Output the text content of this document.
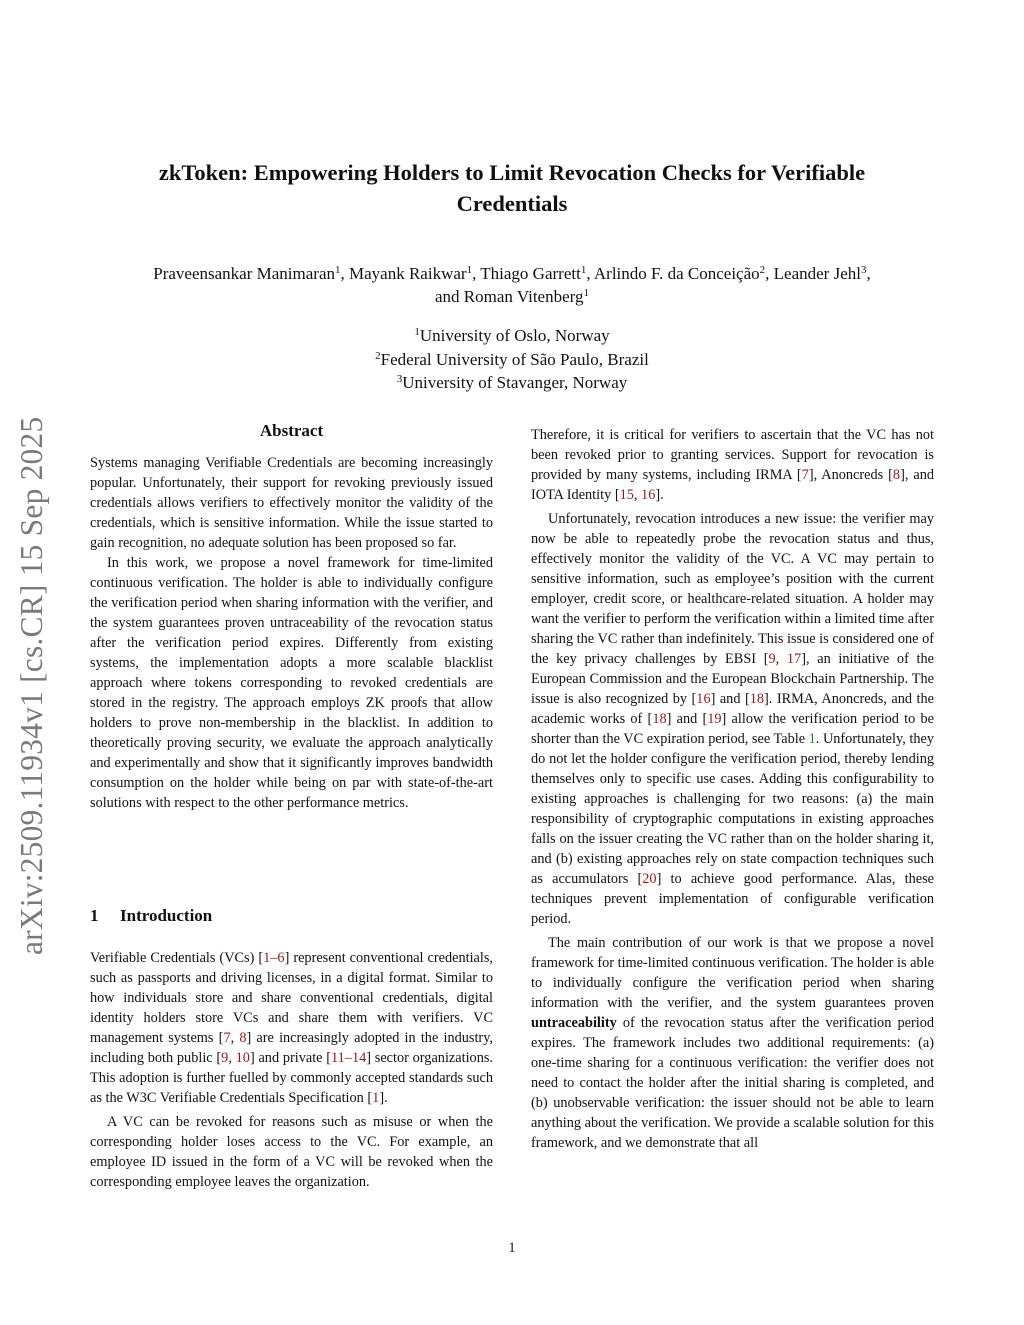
arXiv:2509.11934v1 [cs.CR] 15 Sep 2025
zkToken: Empowering Holders to Limit Revocation Checks for Verifiable Credentials
Praveensankar Manimaran$^1$, Mayank Raikwar$^1$, Thiago Garrett$^1$, Arlindo F. da Conceição$^2$, Leander Jehl$^3$,
and Roman Vitenberg$^1$
$^1$University of Oslo, Norway
$^2$Federal University of São Paulo, Brazil
$^3$University of Stavanger, Norway
Abstract

Systems managing Verifiable Credentials are becoming increasingly popular. Unfortunately, their support for revoking previously issued credentials allows verifiers to effectively monitor the validity of the credentials, which is sensitive information. While the issue started to gain recognition, no adequate solution has been proposed so far.

In this work, we propose a novel framework for time-limited continuous verification. The holder is able to individually configure the verification period when sharing information with the verifier, and the system guarantees proven untraceability of the revocation status after the verification period expires. Differently from existing systems, the implementation adopts a more scalable blacklist approach where tokens corresponding to revoked credentials are stored in the registry. The approach employs ZK proofs that allow holders to prove non-membership in the blacklist. In addition to theoretically proving security, we evaluate the approach analytically and experimentally and show that it significantly improves bandwidth consumption on the holder while being on par with state-of-the-art solutions with respect to the other performance metrics.

1 Introduction

Verifiable Credentials (VCs) [1–6] represent conventional credentials, such as passports and driving licenses, in a digital format. Similar to how individuals store and share conventional credentials, digital identity holders store VCs and share them with verifiers. VC management systems [7, 8] are increasingly adopted in the industry, including both public [9, 10] and private [11–14] sector organizations. This adoption is further fuelled by commonly accepted standards such as the W3C Verifiable Credentials Specification [1].

A VC can be revoked for reasons such as misuse or when the corresponding holder loses access to the VC. For example, an employee ID issued in the form of a VC will be revoked when the corresponding employee leaves the organization.

Therefore, it is critical for verifiers to ascertain that the VC has not been revoked prior to granting services. Support for revocation is provided by many systems, including IRMA [7], Anoncreds [8], and IOTA Identity [15, 16].

Unfortunately, revocation introduces a new issue: the verifier may now be able to repeatedly probe the revocation status and thus, effectively monitor the validity of the VC. A VC may pertain to sensitive information, such as employee’s position with the current employer, credit score, or healthcare-related situation. A holder may want the verifier to perform the verification within a limited time after sharing the VC rather than indefinitely. This issue is considered one of the key privacy challenges by EBSI [9, 17], an initiative of the European Commission and the European Blockchain Partnership. The issue is also recognized by [16] and [18]. IRMA, Anoncreds, and the academic works of [18] and [19] allow the verification period to be shorter than the VC expiration period, see Table 1. Unfortunately, they do not let the holder configure the verification period, thereby lending themselves only to specific use cases. Adding this configurability to existing approaches is challenging for two reasons: (a) the main responsibility of cryptographic computations in existing approaches falls on the issuer creating the VC rather than on the holder sharing it, and (b) existing approaches rely on state compaction techniques such as accumulators [20] to achieve good performance. Alas, these techniques prevent implementation of configurable verification period.

The main contribution of our work is that we propose a novel framework for time-limited continuous verification. The holder is able to individually configure the verification period when sharing information with the verifier, and the system guarantees proven untraceability of the revocation status after the verification period expires. The framework includes two additional requirements: (a) one-time sharing for a continuous verification: the verifier does not need to contact the holder after the initial sharing is completed, and (b) unobservable verification: the issuer should not be able to learn anything about the verification. We provide a scalable solution for this framework, and we demonstrate that all

1
